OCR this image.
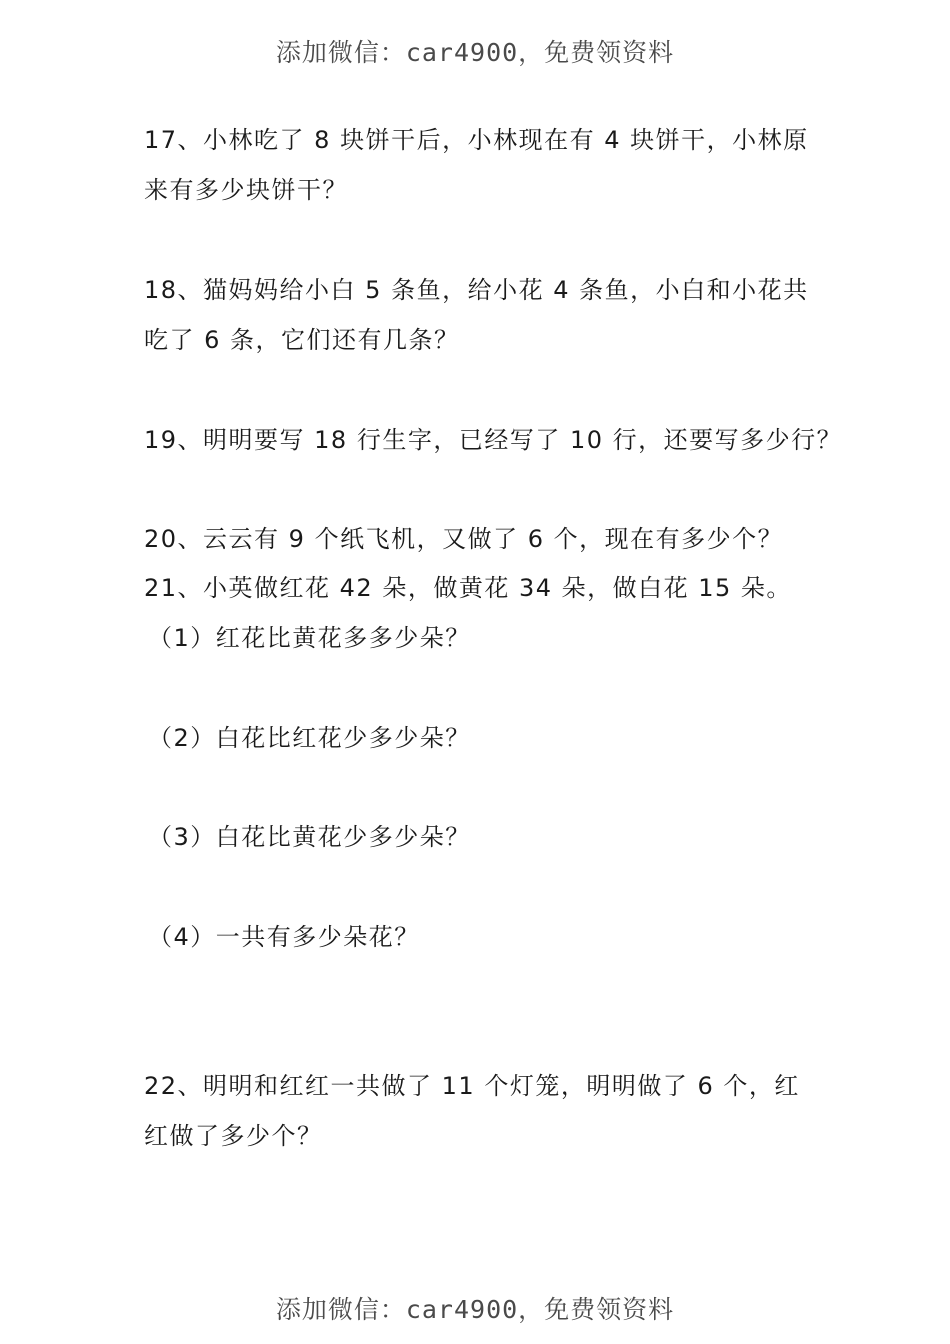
添加微信：car4900，免费领资料
17、小林吃了 8 块饼干后，小林现在有 4 块饼干，小林原
来有多少块饼干？
18、猫妈妈给小白 5 条鱼，给小花 4 条鱼，小白和小花共
吃了 6 条，它们还有几条？
19、明明要写 18 行生字，已经写了 10 行，还要写多少行？
20、云云有 9 个纸飞机，又做了 6 个，现在有多少个？
21、小英做红花 42 朵，做黄花 34 朵，做白花 15 朵。
（1）红花比黄花多多少朵？
（2）白花比红花少多少朵？
（3）白花比黄花少多少朵？
（4）一共有多少朵花？
22、明明和红红一共做了 11 个灯笼，明明做了 6 个，红
红做了多少个？
添加微信：car4900，免费领资料
